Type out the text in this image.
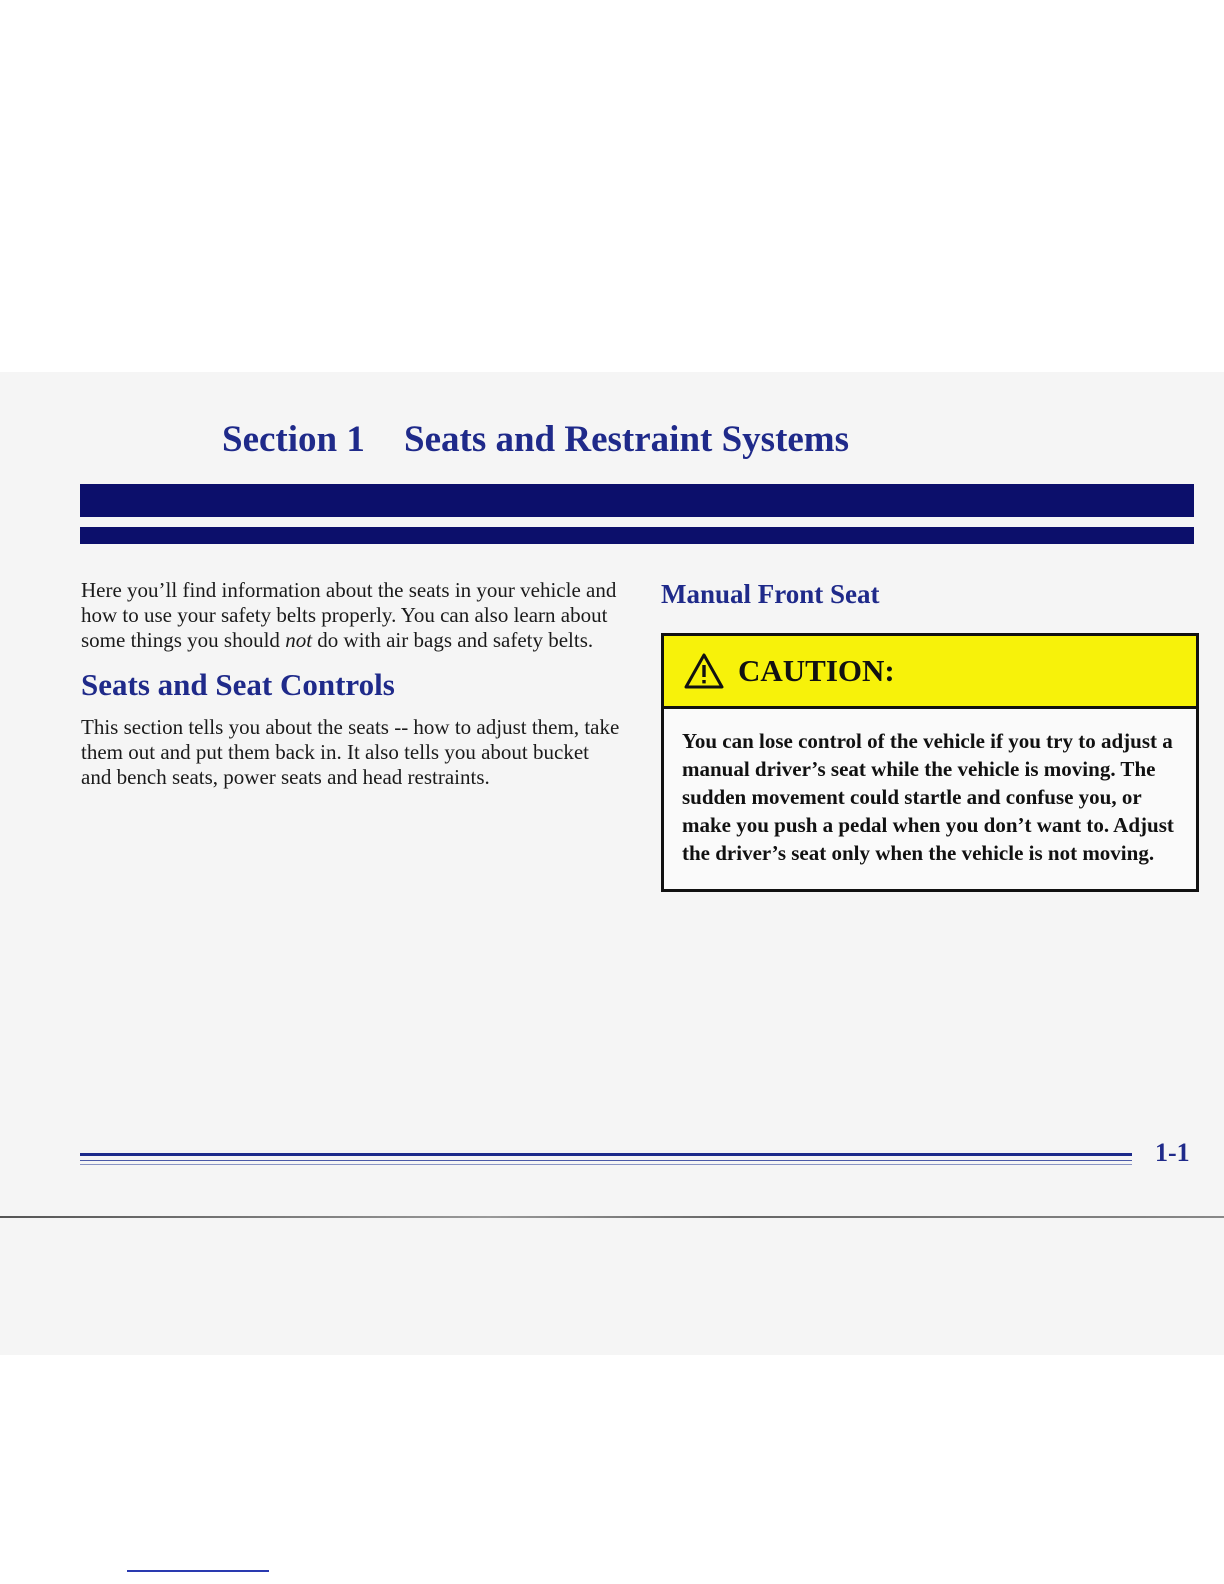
Section 1 Seats and Restraint Systems

Here you’ll find information about the seats in your vehicle and how to use your safety belts properly. You can also learn about some things you should not do with air bags and safety belts.

Seats and Seat Controls

This section tells you about the seats -- how to adjust them, take them out and put them back in. It also tells you about bucket and bench seats, power seats and head restraints.

Manual Front Seat
CAUTION:

You can lose control of the vehicle if you try to adjust a manual driver’s seat while the vehicle is moving. The sudden movement could startle and confuse you, or make you push a pedal when you don’t want to. Adjust the driver’s seat only when the vehicle is not moving.

1-1
